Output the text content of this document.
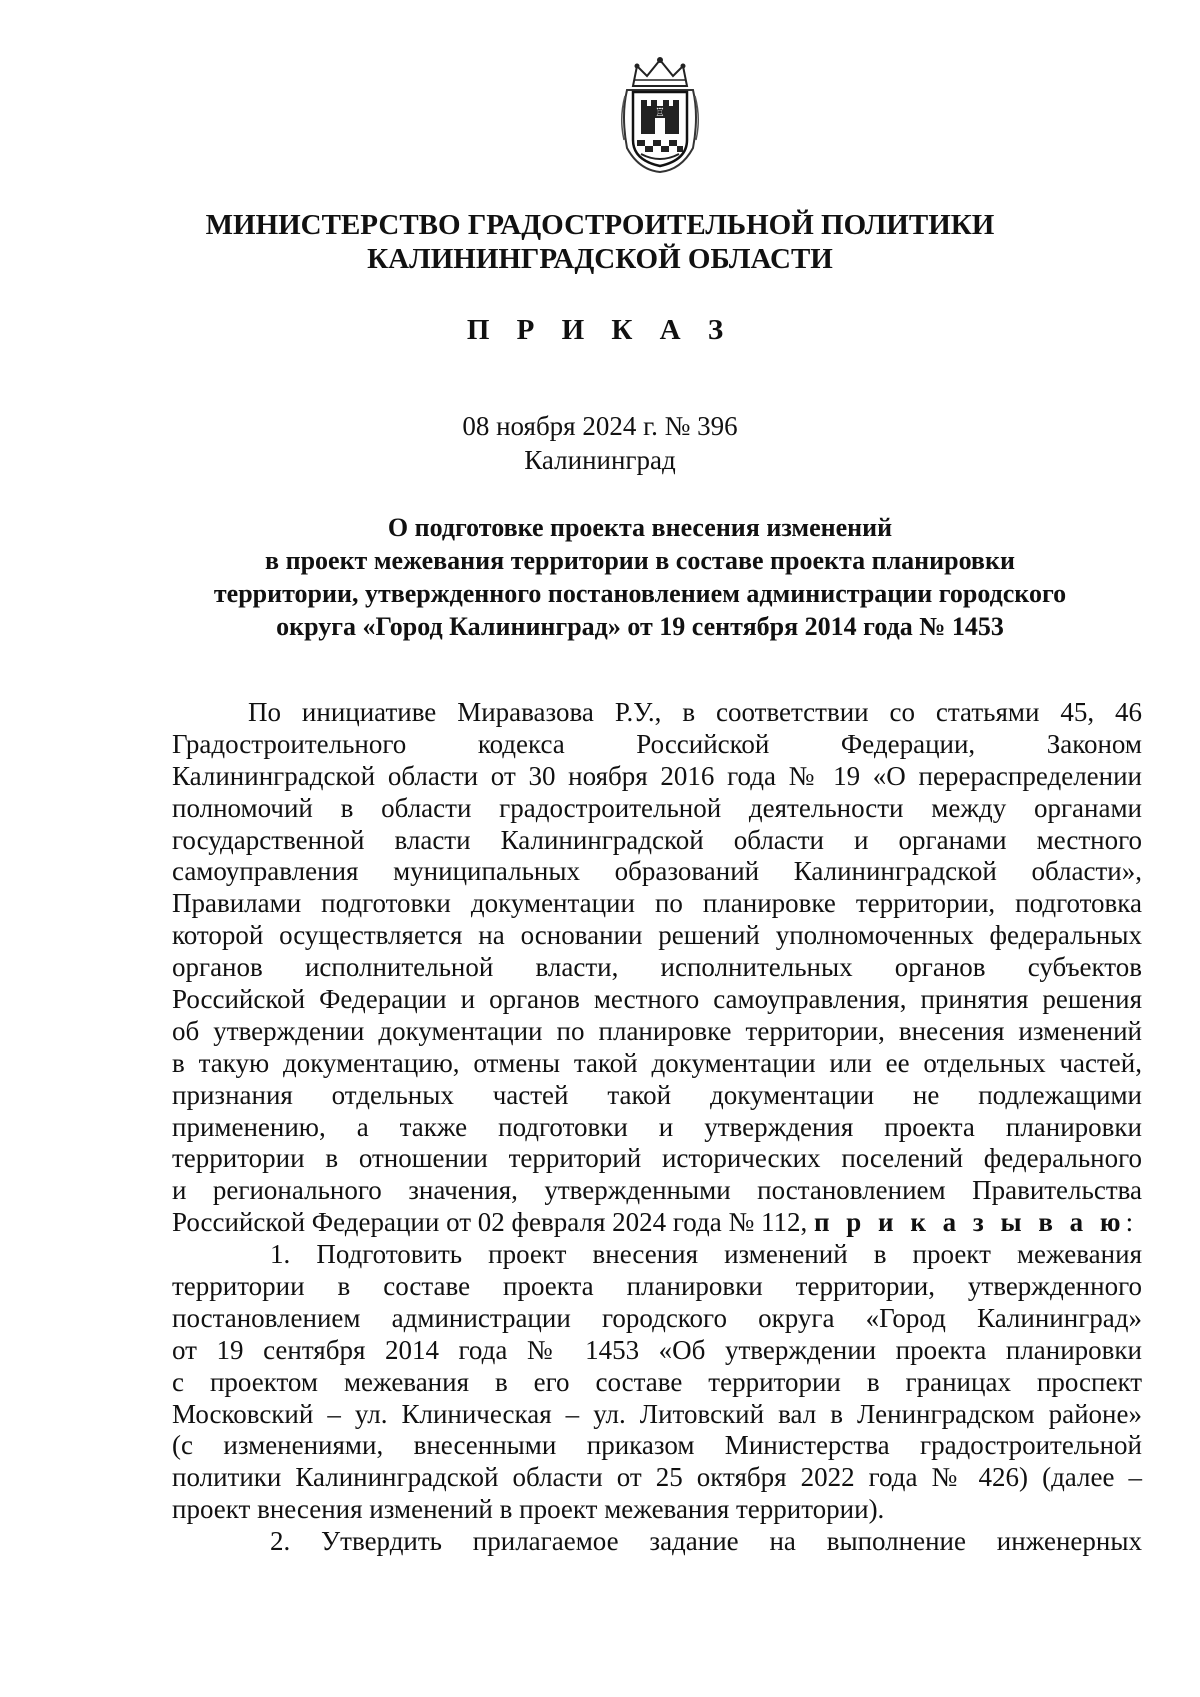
♖
МИНИСТЕРСТВО ГРАДОСТРОИТЕЛЬНОЙ ПОЛИТИКИ
КАЛИНИНГРАДСКОЙ ОБЛАСТИ
П Р И К А З
08 ноября 2024 г. № 396
Калининград
О подготовке проекта внесения изменений
в проект межевания территории в составе проекта планировки
территории, утвержденного постановлением администрации городского
округа «Город Калининград» от 19 сентября 2014 года № 1453
По инициативе Миравазова Р.У., в соответствии со статьями 45, 46
Градостроительного кодекса Российской Федерации, Законом
Калининградской области от 30 ноября 2016 года № 19 «О перераспределении
полномочий в области градостроительной деятельности между органами
государственной власти Калининградской области и органами местного
самоуправления муниципальных образований Калининградской области»,
Правилами подготовки документации по планировке территории, подготовка
которой осуществляется на основании решений уполномоченных федеральных
органов исполнительной власти, исполнительных органов субъектов
Российской Федерации и органов местного самоуправления, принятия решения
об утверждении документации по планировке территории, внесения изменений
в такую документацию, отмены такой документации или ее отдельных частей,
признания отдельных частей такой документации не подлежащими
применению, а также подготовки и утверждения проекта планировки
территории в отношении территорий исторических поселений федерального
и регионального значения, утвержденными постановлением Правительства
Российской Федерации от 02 февраля 2024 года № 112, п р и к а з ы в а ю:
1. Подготовить проект внесения изменений в проект межевания
территории в составе проекта планировки территории, утвержденного
постановлением администрации городского округа «Город Калининград»
от 19 сентября 2014 года № 1453 «Об утверждении проекта планировки
с проектом межевания в его составе территории в границах проспект
Московский – ул. Клиническая – ул. Литовский вал в Ленинградском районе»
(с изменениями, внесенными приказом Министерства градостроительной
политики Калининградской области от 25 октября 2022 года № 426) (далее –
проект внесения изменений в проект межевания территории).
2. Утвердить прилагаемое задание на выполнение инженерных
